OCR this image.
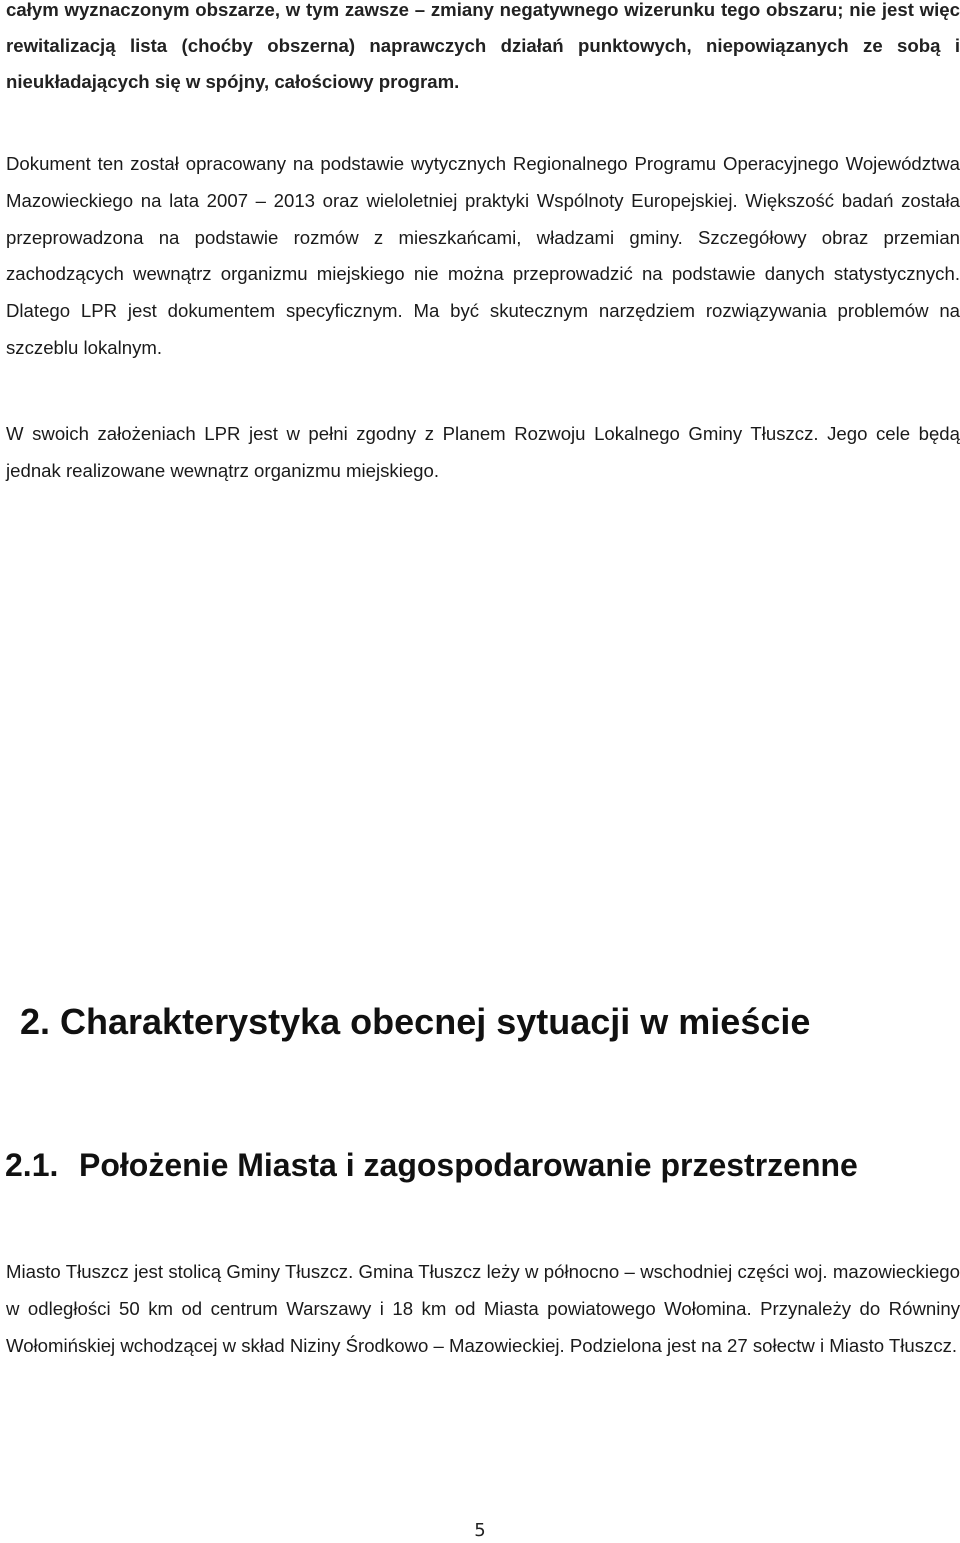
całym wyznaczonym obszarze, w tym zawsze – zmiany negatywnego wizerunku tego obszaru; nie jest więc rewitalizacją lista (choćby obszerna) naprawczych działań punktowych, niepowiązanych ze sobą i nieukładających się w spójny, całościowy program.

Dokument ten został opracowany na podstawie wytycznych Regionalnego Programu Operacyjnego Województwa Mazowieckiego na lata 2007 – 2013 oraz wieloletniej praktyki Wspólnoty Europejskiej. Większość badań została przeprowadzona na podstawie rozmów z mieszkańcami, władzami gminy. Szczegółowy obraz przemian zachodzących wewnątrz organizmu miejskiego nie można przeprowadzić na podstawie danych statystycznych. Dlatego LPR jest dokumentem specyficznym. Ma być skutecznym narzędziem rozwiązywania problemów na szczeblu lokalnym.

W swoich założeniach LPR jest w pełni zgodny z Planem Rozwoju Lokalnego Gminy Tłuszcz. Jego cele będą jednak realizowane wewnątrz organizmu miejskiego.

2. Charakterystyka obecnej sytuacji w mieście
2.1. Położenie Miasta i zagospodarowanie przestrzenne

Miasto Tłuszcz jest stolicą Gminy Tłuszcz. Gmina Tłuszcz leży w północno – wschodniej części woj. mazowieckiego w odległości 50 km od centrum Warszawy i 18 km od Miasta powiatowego Wołomina. Przynależy do Równiny Wołomińskiej wchodzącej w skład Niziny Środkowo – Mazowieckiej. Podzielona jest na 27 sołectw i Miasto Tłuszcz.

5
